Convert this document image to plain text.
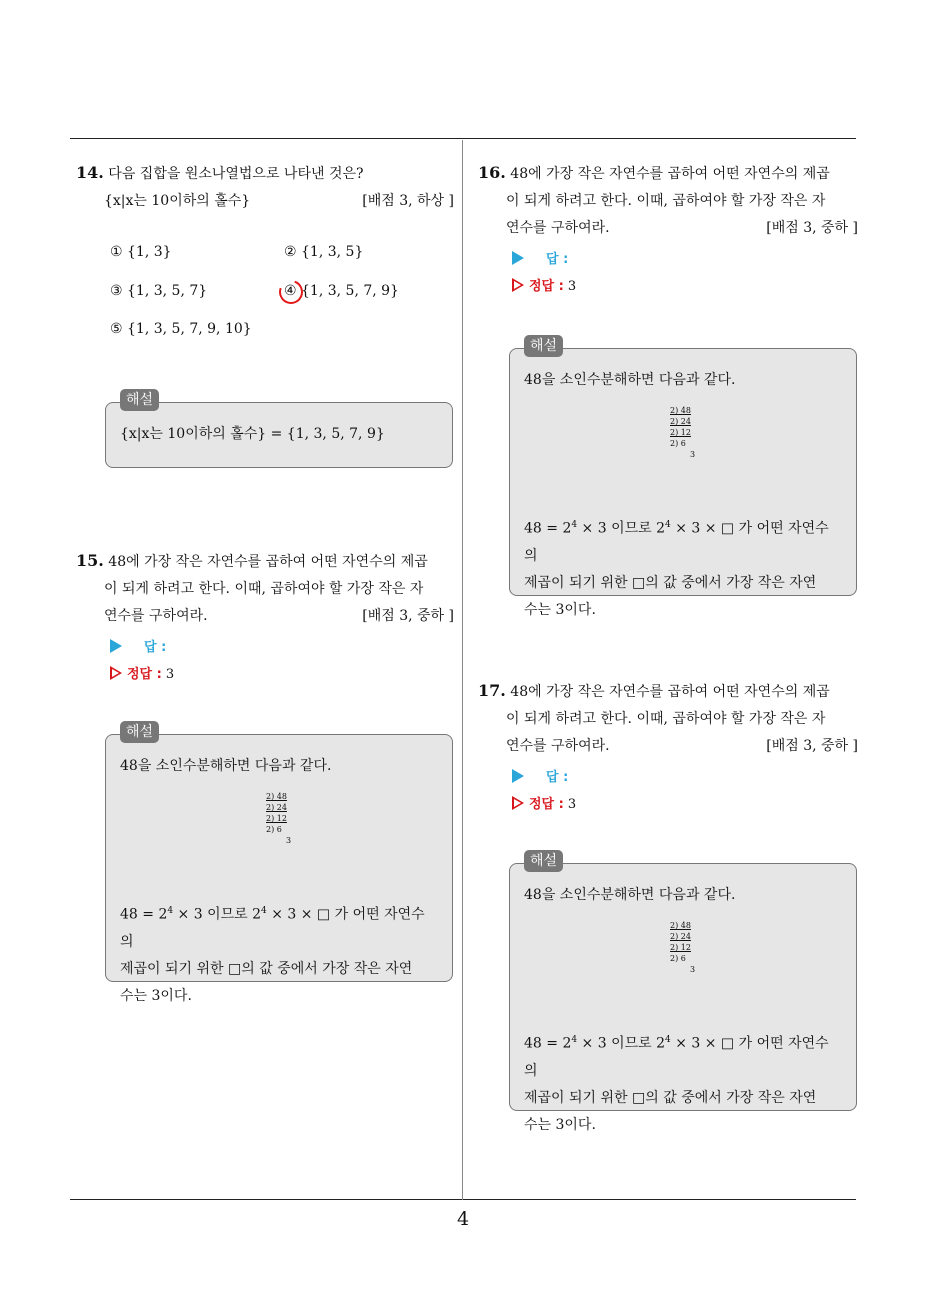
4
14. 다음 집합을 원소나열법으로 나타낸 것은?
{x|x는 10이하의 홀수}	[배점 3, 하상 ]
① {1, 3}	② {1, 3, 5}
③ {1, 3, 5, 7}	④ {1, 3, 5, 7, 9}
⑤ {1, 3, 5, 7, 9, 10}
해설
{x|x는 10이하의 홀수} = {1, 3, 5, 7, 9}
15. 48에 가장 작은 자연수를 곱하여 어떤 자연수의 제곱
이 되게 하려고 한다. 이때, 곱하여야 할 가장 작은 자
연수를 구하여라.	[배점 3, 중하 ]
답 :
정답 : 3
해설
48을 소인수분해하면 다음과 같다.
2) 48
2) 24
2) 12
2) 6
3
$48 = 2^4 \times 3$ 이므로 $2^4 \times 3$ × □ 가 어떤 자연수의
제곱이 되기 위한 □의 값 중에서 가장 작은 자연
수는 3이다.
16. 48에 가장 작은 자연수를 곱하여 어떤 자연수의 제곱
이 되게 하려고 한다. 이때, 곱하여야 할 가장 작은 자
연수를 구하여라.	[배점 3, 중하 ]
답 :
정답 : 3
해설
48을 소인수분해하면 다음과 같다.
2) 48
2) 24
2) 12
2) 6
3
$48 = 2^4 \times 3$ 이므로 $2^4 \times 3$ × □ 가 어떤 자연수의
제곱이 되기 위한 □의 값 중에서 가장 작은 자연
수는 3이다.
17. 48에 가장 작은 자연수를 곱하여 어떤 자연수의 제곱
이 되게 하려고 한다. 이때, 곱하여야 할 가장 작은 자
연수를 구하여라.	[배점 3, 중하 ]
답 :
정답 : 3
해설
48을 소인수분해하면 다음과 같다.
2) 48
2) 24
2) 12
2) 6
3
$48 = 2^4 \times 3$ 이므로 $2^4 \times 3$ × □ 가 어떤 자연수의
제곱이 되기 위한 □의 값 중에서 가장 작은 자연
수는 3이다.
